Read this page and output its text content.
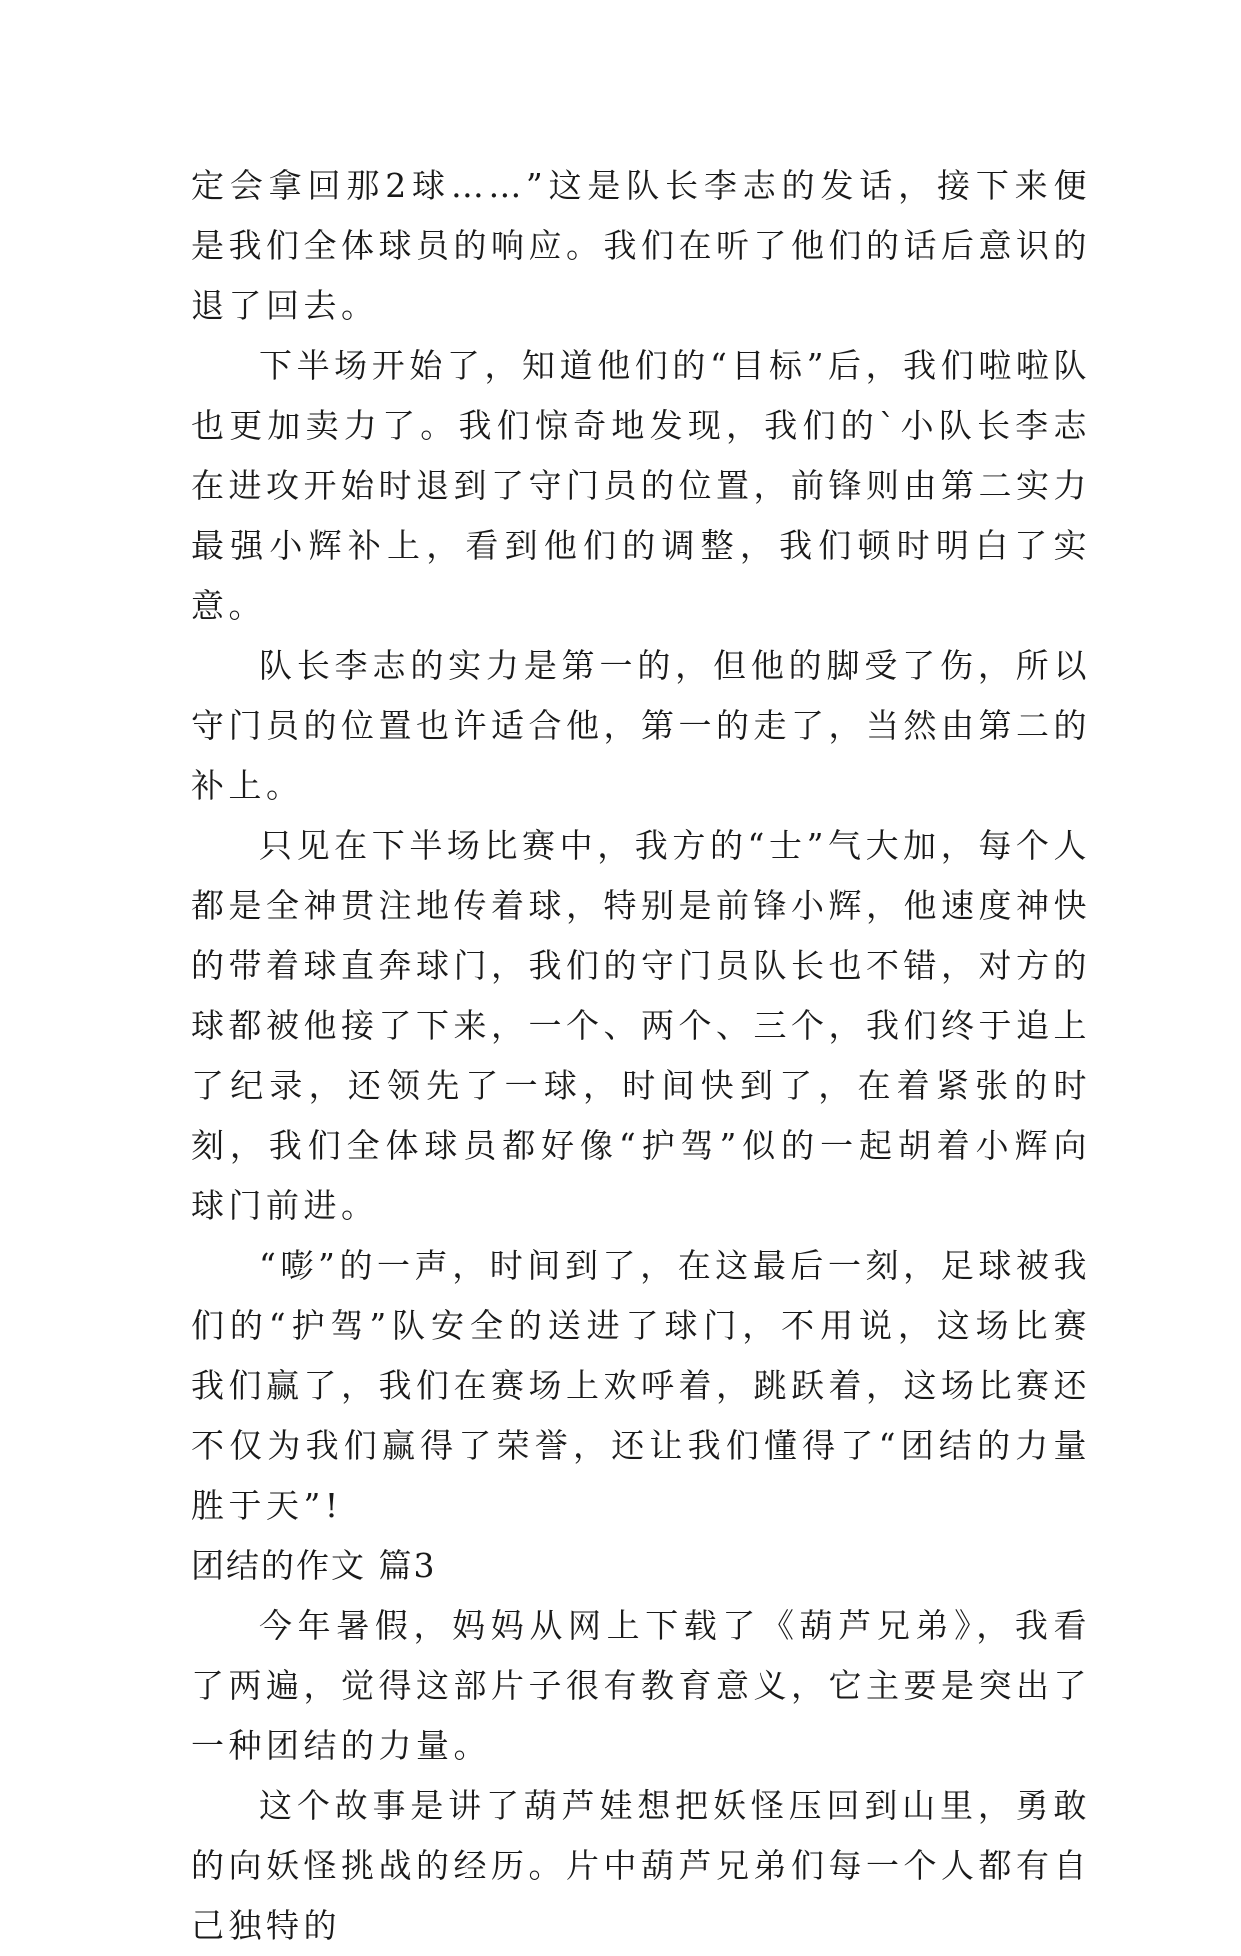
定会拿回那2球……”这是队长李志的发话，接下来便是我们全体球员的响应。我们在听了他们的话后意识的退了回去。

下半场开始了，知道他们的“目标”后，我们啦啦队也更加卖力了。我们惊奇地发现，我们的`小队长李志在进攻开始时退到了守门员的位置，前锋则由第二实力最强小辉补上，看到他们的调整，我们顿时明白了实意。

队长李志的实力是第一的，但他的脚受了伤，所以守门员的位置也许适合他，第一的走了，当然由第二的补上。

只见在下半场比赛中，我方的“士”气大加，每个人都是全神贯注地传着球，特别是前锋小辉，他速度神快的带着球直奔球门，我们的守门员队长也不错，对方的球都被他接了下来，一个、两个、三个，我们终于追上了纪录，还领先了一球，时间快到了，在着紧张的时刻，我们全体球员都好像“护驾”似的一起胡着小辉向球门前进。

“嘭”的一声，时间到了，在这最后一刻，足球被我们的“护驾”队安全的送进了球门，不用说，这场比赛我们赢了，我们在赛场上欢呼着，跳跃着，这场比赛还不仅为我们赢得了荣誉，还让我们懂得了“团结的力量胜于天”!

团结的作文 篇3

今年暑假，妈妈从网上下载了《葫芦兄弟》，我看了两遍，觉得这部片子很有教育意义，它主要是突出了一种团结的力量。

这个故事是讲了葫芦娃想把妖怪压回到山里，勇敢的向妖怪挑战的经历。片中葫芦兄弟们每一个人都有自己独特的
